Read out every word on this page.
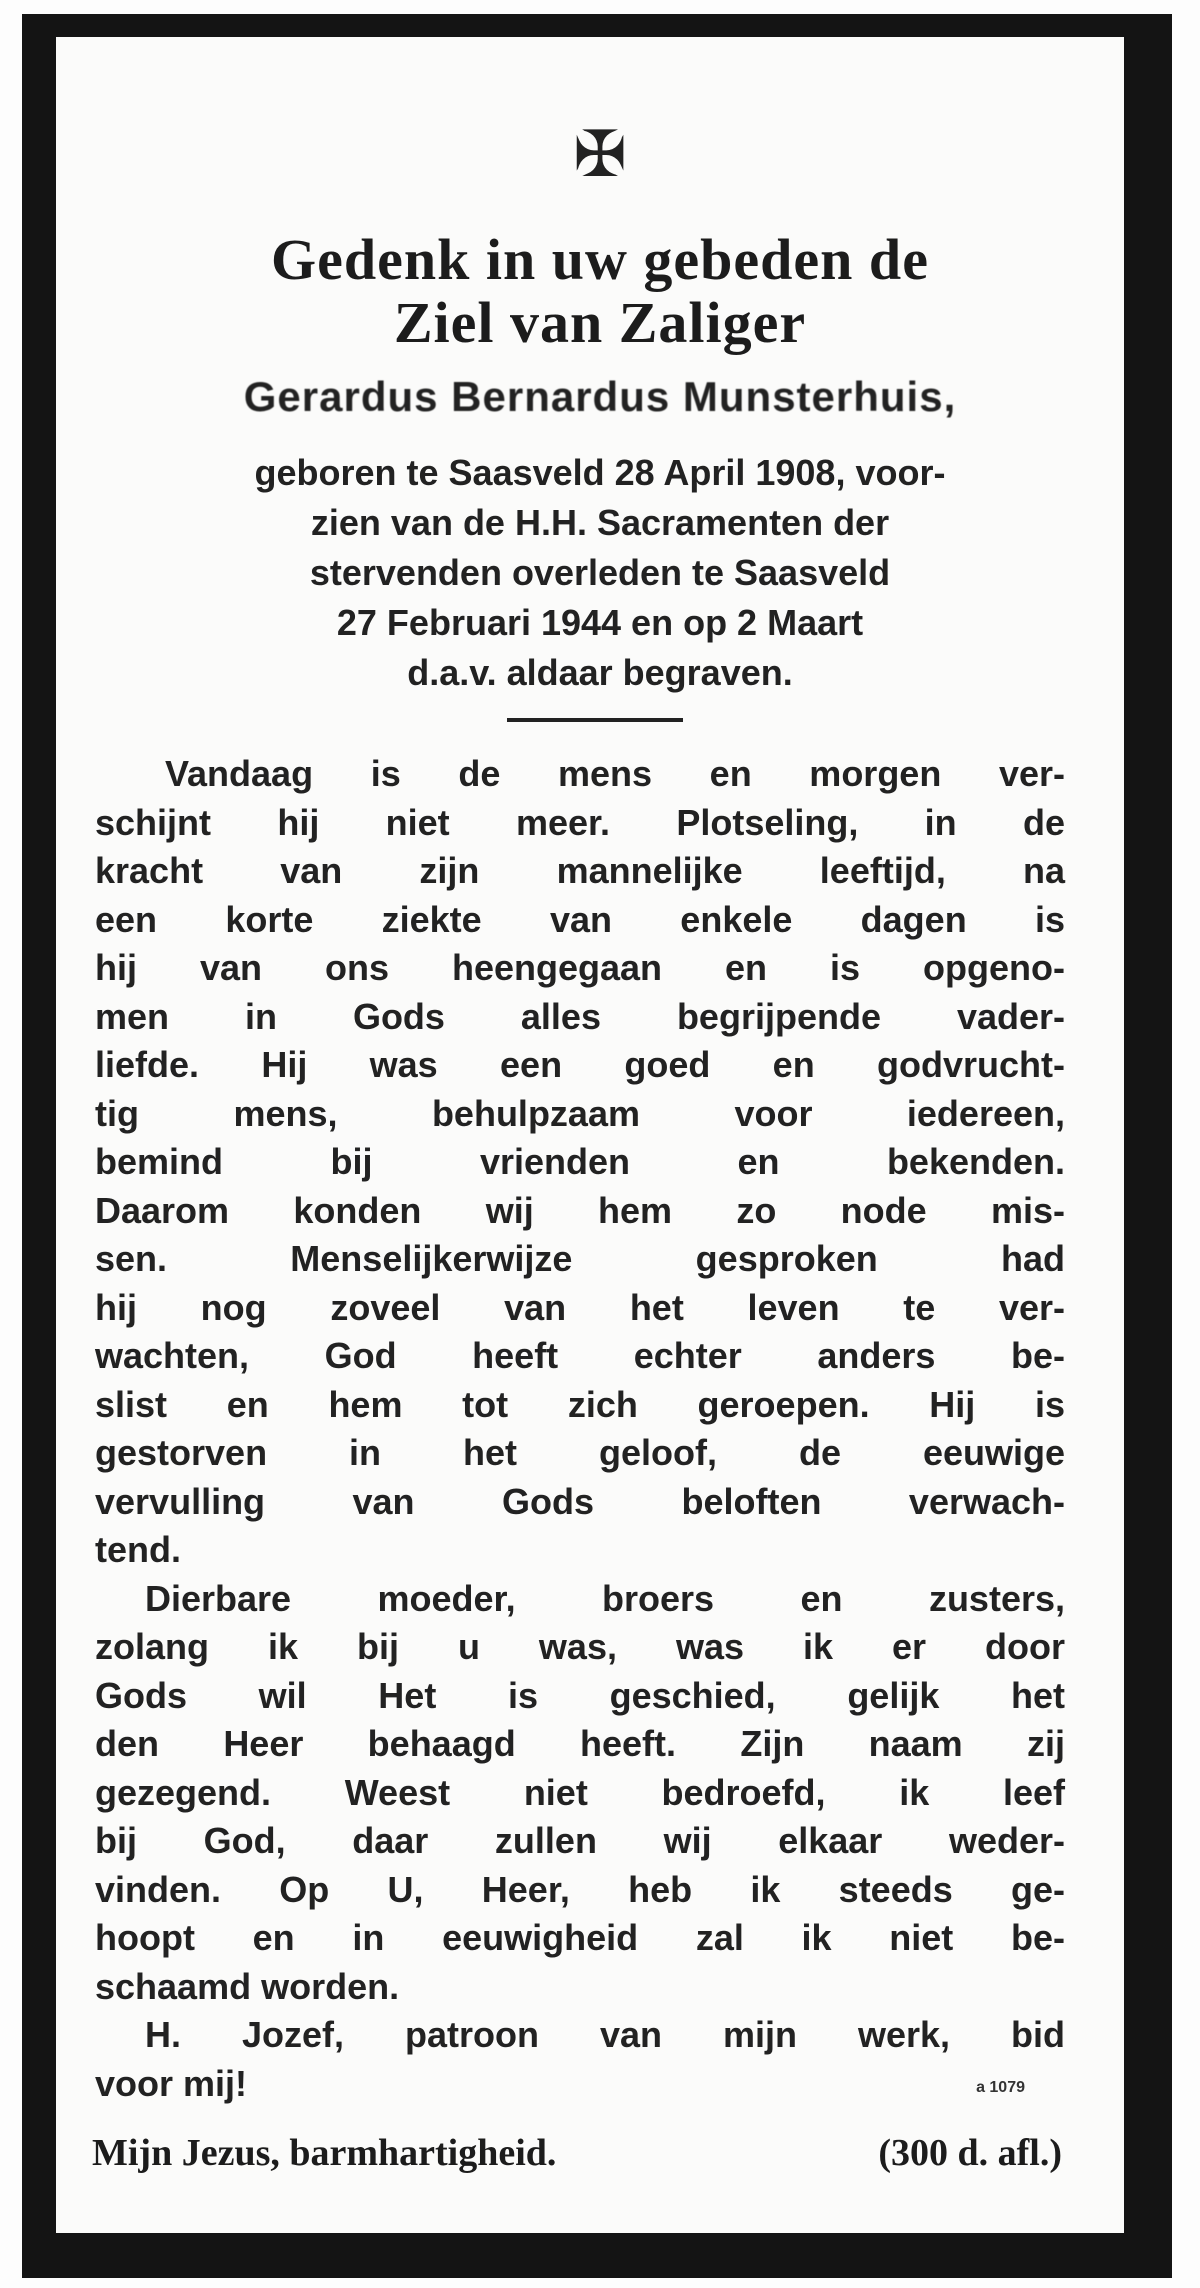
✠
Gedenk in uw gebeden de
Ziel van Zaliger
Gerardus Bernardus Munsterhuis,
geboren te Saasveld 28 April 1908, voor-
zien van de H.H. Sacramenten der
stervenden overleden te Saasveld
27 Februari 1944 en op 2 Maart
d.a.v. aldaar begraven.
Vandaag is de mens en morgen ver-
schijnt hij niet meer. Plotseling, in de
kracht van zijn mannelijke leeftijd, na
een korte ziekte van enkele dagen is
hij van ons heengegaan en is opgeno-
men in Gods alles begrijpende vader-
liefde. Hij was een goed en godvrucht-
tig mens, behulpzaam voor iedereen,
bemind bij vrienden en bekenden.
Daarom konden wij hem zo node mis-
sen. Menselijkerwijze gesproken had
hij nog zoveel van het leven te ver-
wachten, God heeft echter anders be-
slist en hem tot zich geroepen. Hij is
gestorven in het geloof, de eeuwige
vervulling van Gods beloften verwach-
tend.
Dierbare moeder, broers en zusters,
zolang ik bij u was, was ik er door
Gods wil Het is geschied, gelijk het
den Heer behaagd heeft. Zijn naam zij
gezegend. Weest niet bedroefd, ik leef
bij God, daar zullen wij elkaar weder-
vinden. Op U, Heer, heb ik steeds ge-
hoopt en in eeuwigheid zal ik niet be-
schaamd worden.
H. Jozef, patroon van mijn werk, bid
voor mij!	a 1079
Mijn Jezus, barmhartigheid.	(300 d. afl.)
